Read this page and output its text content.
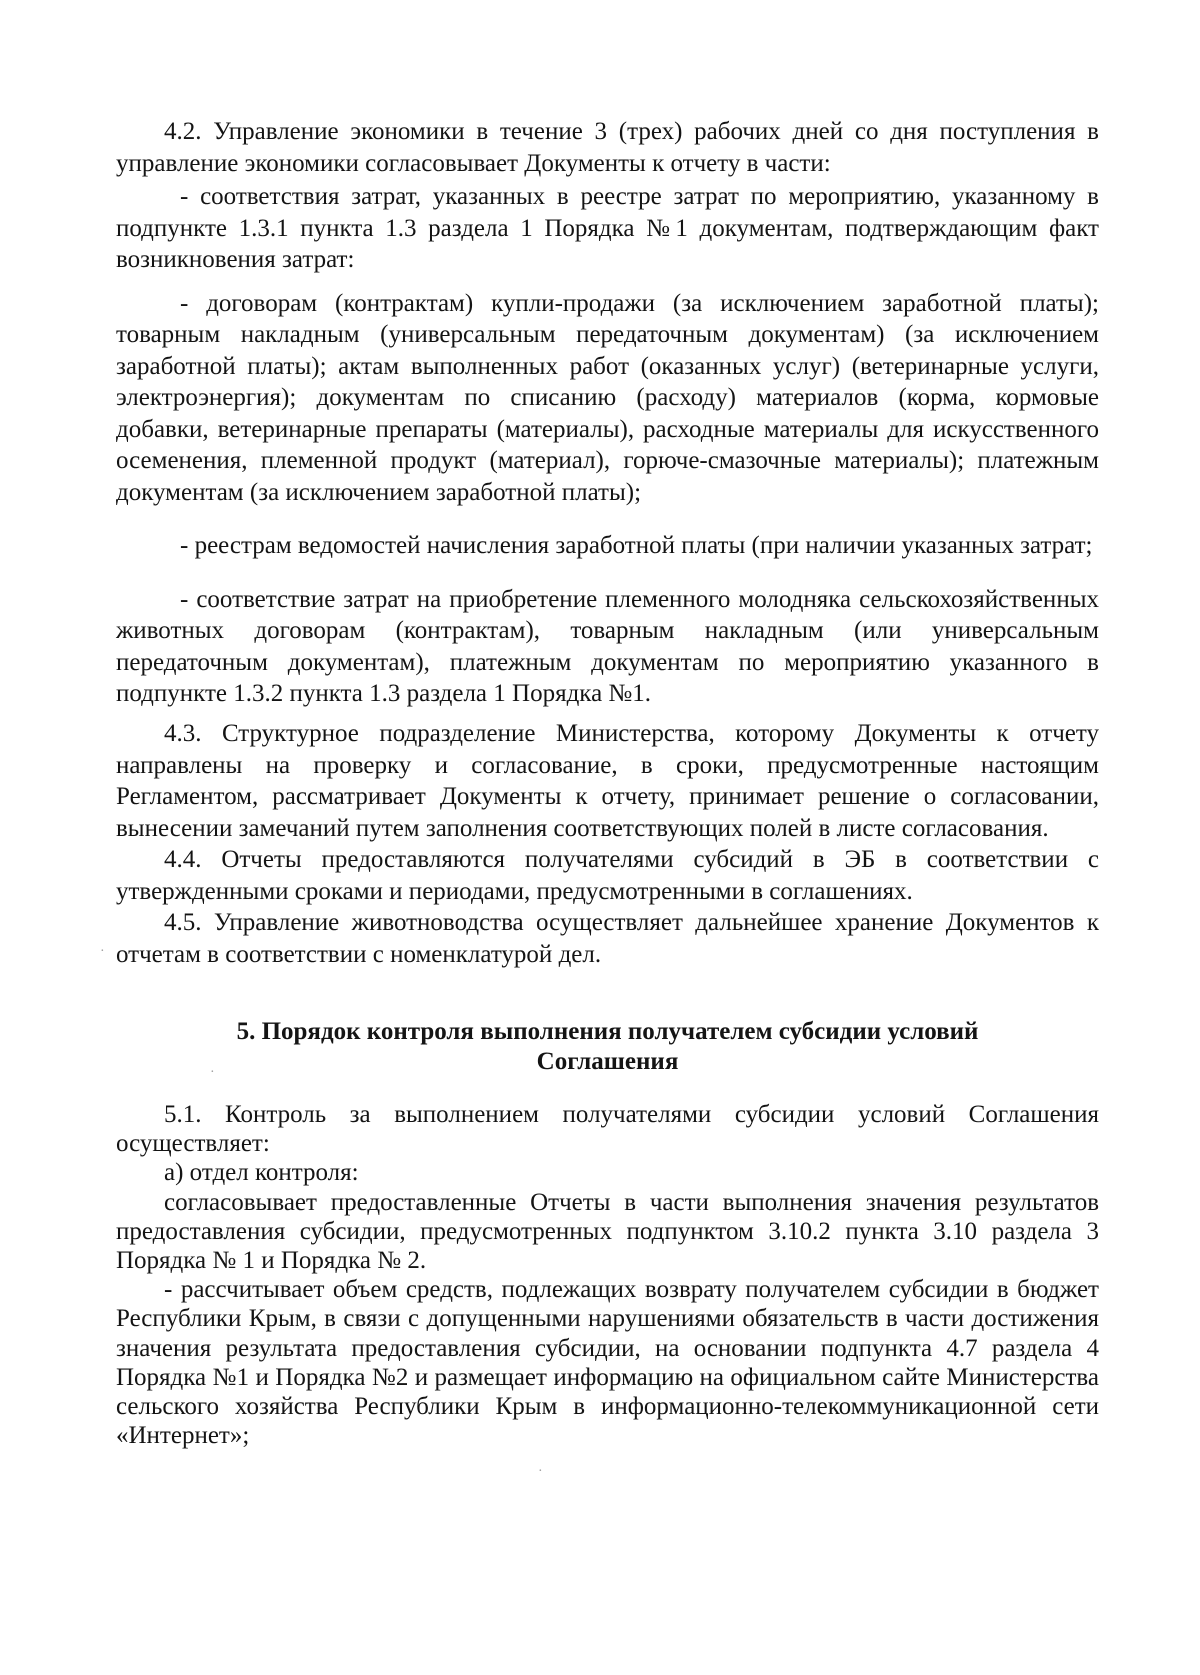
4.2. Управление экономики в течение 3 (трех) рабочих дней со дня поступления в управление экономики согласовывает Документы к отчету в части:

- соответствия затрат, указанных в реестре затрат по мероприятию, указанному в подпункте 1.3.1 пункта 1.3 раздела 1 Порядка №1 документам, подтверждающим факт возникновения затрат:

- договорам (контрактам) купли-продажи (за исключением заработной платы); товарным накладным (универсальным передаточным документам) (за исключением заработной платы); актам выполненных работ (оказанных услуг) (ветеринарные услуги, электроэнергия); документам по списанию (расходу) материалов (корма, кормовые добавки, ветеринарные препараты (материалы), расходные материалы для искусственного осеменения, племенной продукт (материал), горюче-смазочные материалы); платежным документам (за исключением заработной платы);

- реестрам ведомостей начисления заработной платы (при наличии указанных затрат;

- соответствие затрат на приобретение племенного молодняка сельскохозяйственных животных договорам (контрактам), товарным накладным (или универсальным передаточным документам), платежным документам по мероприятию указанного в подпункте 1.3.2 пункта 1.3 раздела 1 Порядка №1.

4.3. Структурное подразделение Министерства, которому Документы к отчету направлены на проверку и согласование, в сроки, предусмотренные настоящим Регламентом, рассматривает Документы к отчету, принимает решение о согласовании, вынесении замечаний путем заполнения соответствующих полей в листе согласования.

4.4. Отчеты предоставляются получателями субсидий в ЭБ в соответствии с утвержденными сроками и периодами, предусмотренными в соглашениях.

4.5. Управление животноводства осуществляет дальнейшее хранение Документов к отчетам в соответствии с номенклатурой дел.

5. Порядок контроля выполнения получателем субсидии условий
Соглашения

5.1. Контроль за выполнением получателями субсидии условий Соглашения осуществляет:

а) отдел контроля:

согласовывает предоставленные Отчеты в части выполнения значения результатов предоставления субсидии, предусмотренных подпунктом 3.10.2 пункта 3.10 раздела 3 Порядка № 1 и Порядка № 2.

- рассчитывает объем средств, подлежащих возврату получателем субсидии в бюджет Республики Крым, в связи с допущенными нарушениями обязательств в части достижения значения результата предоставления субсидии, на основании подпункта 4.7 раздела 4 Порядка №1 и Порядка №2 и размещает информацию на официальном сайте Министерства сельского хозяйства Республики Крым в информационно-телекоммуникационной сети «Интернет»;

·
·
·
